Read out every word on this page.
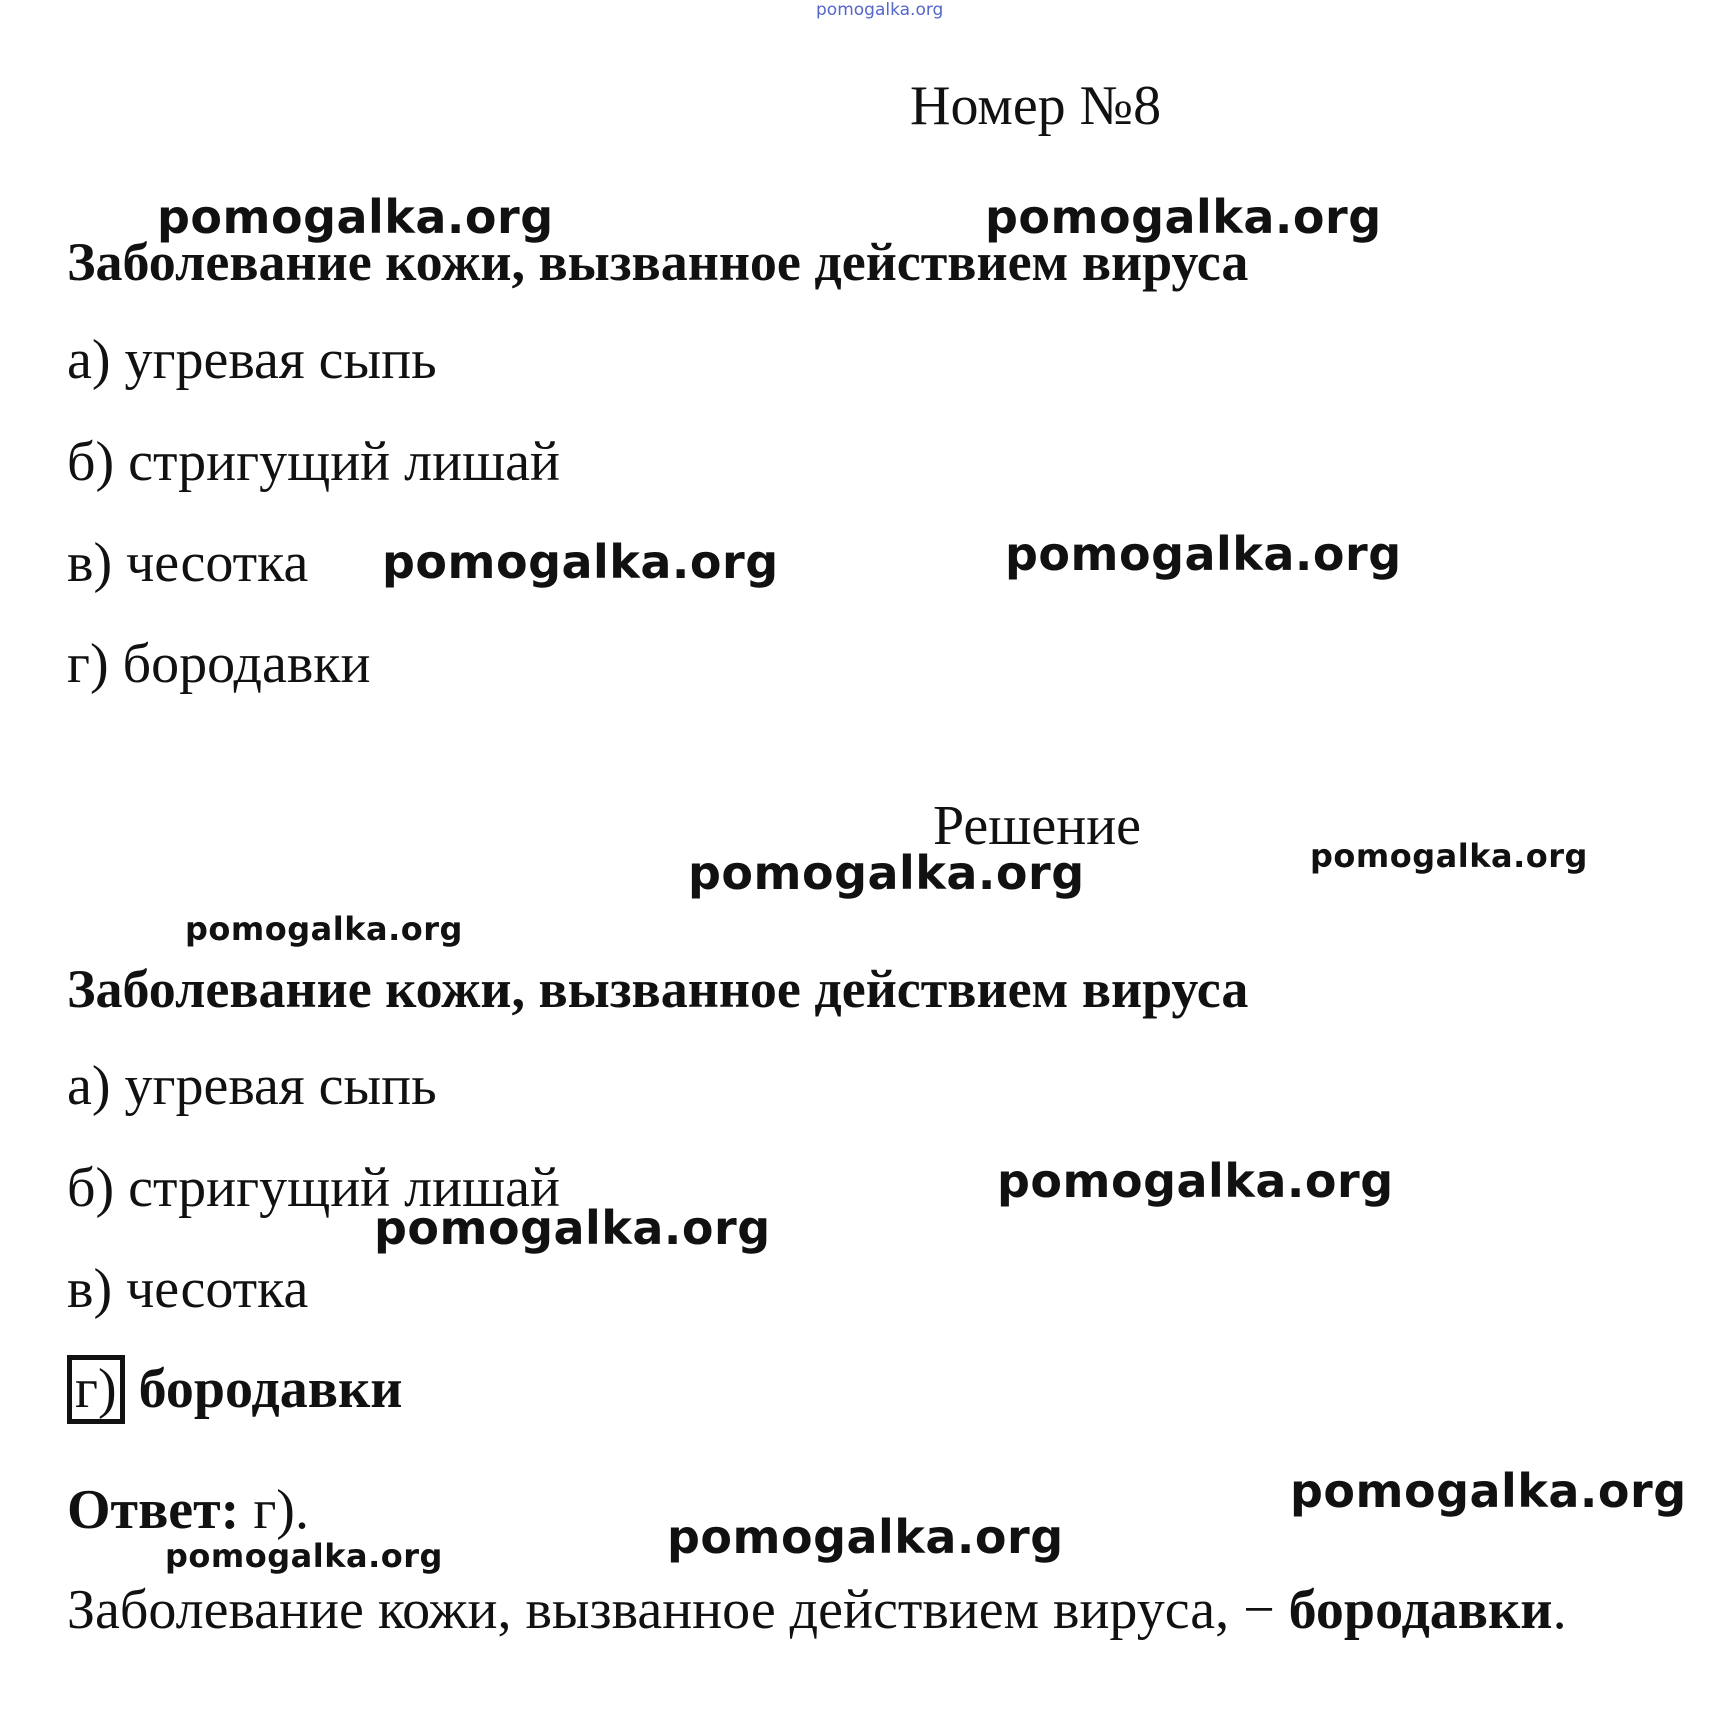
pomogalka.org
Номер №8
Заболевание кожи, вызванное действием вируса
а) угревая сыпь
б) стригущий лишай
в) чесотка
г) бородавки
Решение
Заболевание кожи, вызванное действием вируса
а) угревая сыпь
б) стригущий лишай
в) чесотка
г) бородавки
Ответ: г).
Заболевание кожи, вызванное действием вируса, − бородавки.
pomogalka.org	pomogalka.org
pomogalka.org	pomogalka.org
pomogalka.org	pomogalka.org
pomogalka.org
pomogalka.org
pomogalka.org
pomogalka.org
pomogalka.org
pomogalka.org
